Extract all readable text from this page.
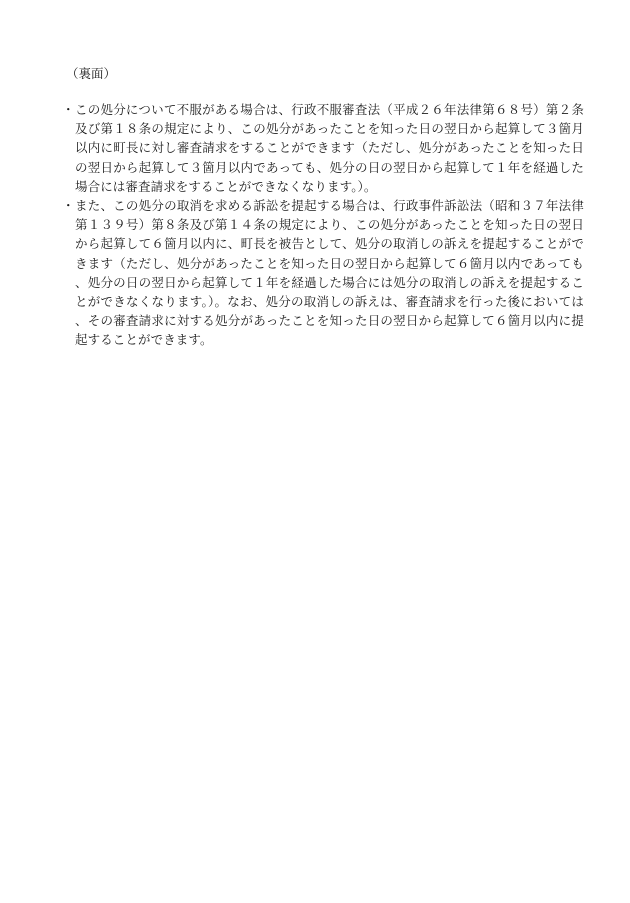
（裏面）
・ この処分について不服がある場合は、行政不服審査法（平成２６年法律第６８号）第２条及び第１８条の規定により、この処分があったことを知った日の翌日から起算して３箇月以内に町長に対し審査請求をすることができます（ただし、処分があったことを知った日の翌日から起算して３箇月以内であっても、処分の日の翌日から起算して１年を経過した場合には審査請求をすることができなくなります。）。
・ また、この処分の取消を求める訴訟を提起する場合は、行政事件訴訟法（昭和３７年法律第１３９号）第８条及び第１４条の規定により、この処分があったことを知った日の翌日から起算して６箇月以内に、町長を被告として、処分の取消しの訴えを提起することができます（ただし、処分があったことを知った日の翌日から起算して６箇月以内であっても、処分の日の翌日から起算して１年を経過した場合には処分の取消しの訴えを提起することができなくなります。）。なお、処分の取消しの訴えは、審査請求を行った後においては、その審査請求に対する処分があったことを知った日の翌日から起算して６箇月以内に提起することができます。
